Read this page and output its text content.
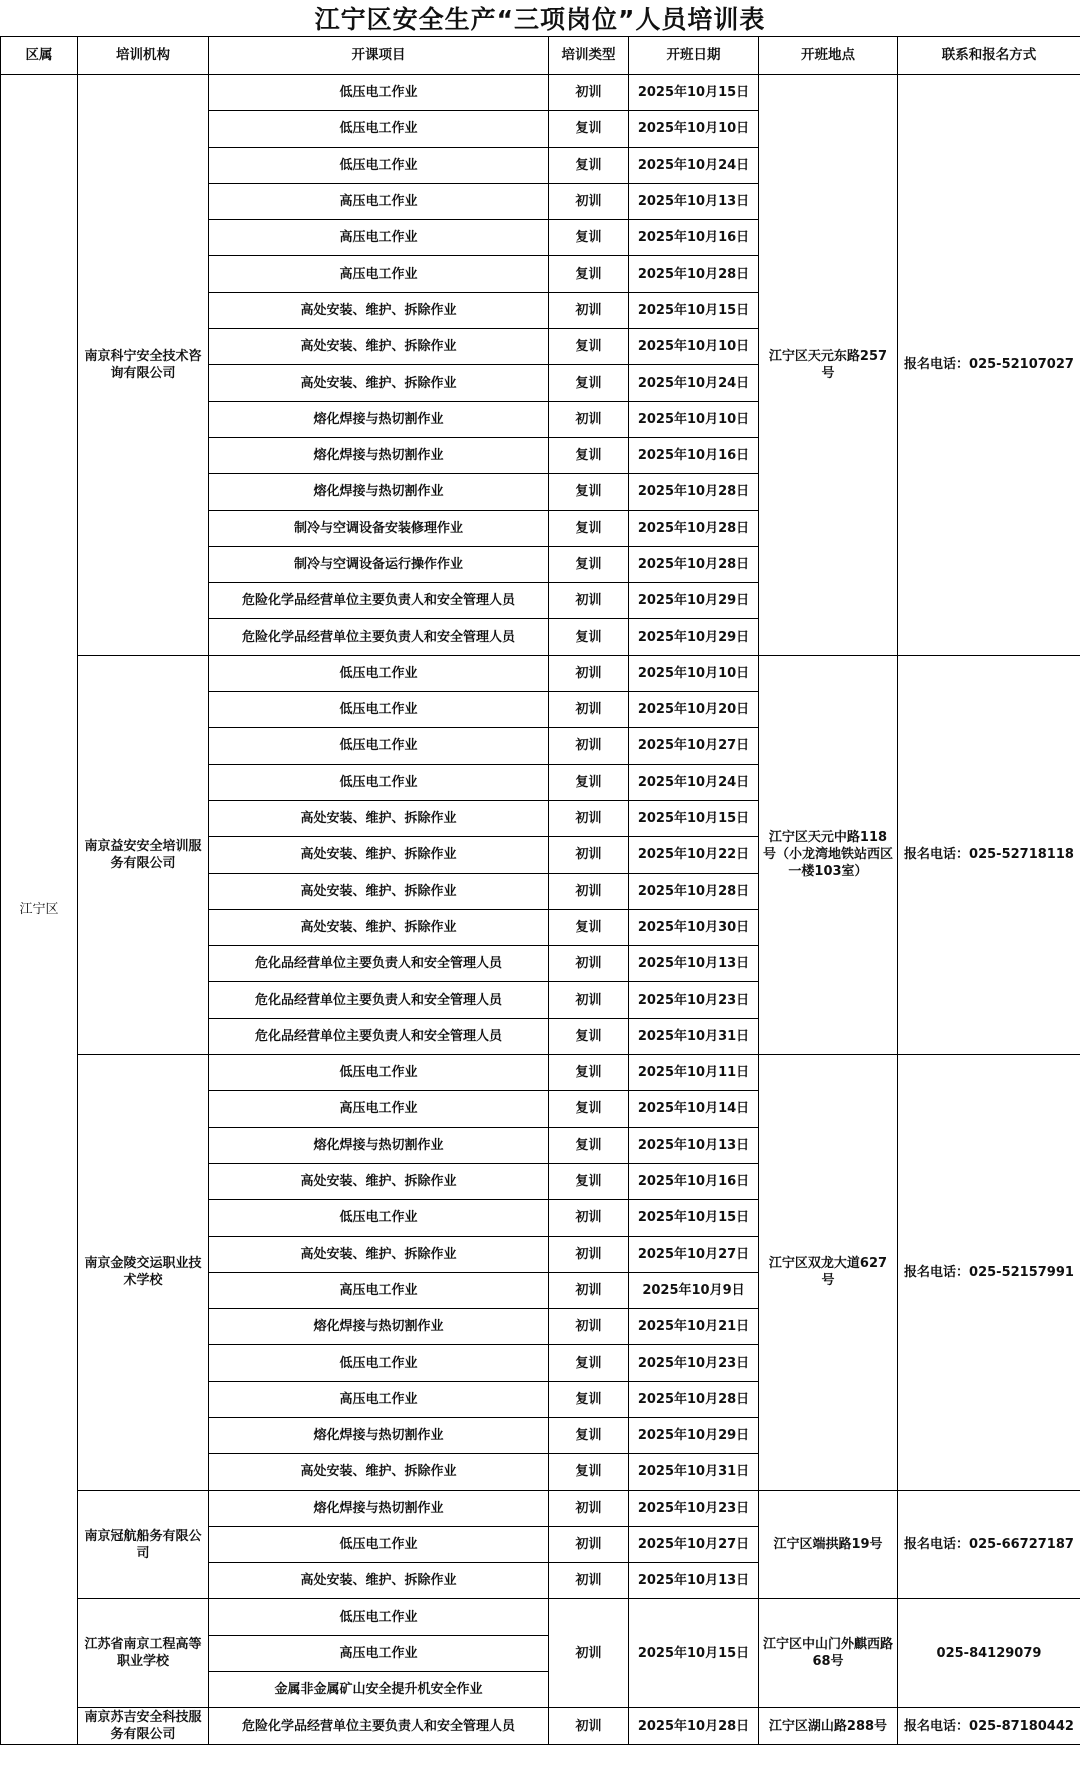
江宁区安全生产“三项岗位”人员培训表
区属	培训机构	开课项目	培训类型	开班日期	开班地点	联系和报名方式
江宁区	南京科宁安全技术咨询有限公司	低压电工作业	初训	2025年10月15日	江宁区天元东路257号	报名电话：025-52107027
		低压电工作业	复训	2025年10月10日		
		低压电工作业	复训	2025年10月24日		
		高压电工作业	初训	2025年10月13日		
		高压电工作业	复训	2025年10月16日		
		高压电工作业	复训	2025年10月28日		
		高处安装、维护、拆除作业	初训	2025年10月15日		
		高处安装、维护、拆除作业	复训	2025年10月10日		
		高处安装、维护、拆除作业	复训	2025年10月24日		
		熔化焊接与热切割作业	初训	2025年10月10日		
		熔化焊接与热切割作业	复训	2025年10月16日		
		熔化焊接与热切割作业	复训	2025年10月28日		
		制冷与空调设备安装修理作业	复训	2025年10月28日		
		制冷与空调设备运行操作作业	复训	2025年10月28日		
		危险化学品经营单位主要负责人和安全管理人员	初训	2025年10月29日		
		危险化学品经营单位主要负责人和安全管理人员	复训	2025年10月29日		
	南京益安安全培训服务有限公司	低压电工作业	初训	2025年10月10日	江宁区天元中路118号（小龙湾地铁站西区一楼103室）	报名电话：025-52718118
		低压电工作业	初训	2025年10月20日		
		低压电工作业	初训	2025年10月27日		
		低压电工作业	复训	2025年10月24日		
		高处安装、维护、拆除作业	初训	2025年10月15日		
		高处安装、维护、拆除作业	初训	2025年10月22日		
		高处安装、维护、拆除作业	初训	2025年10月28日		
		高处安装、维护、拆除作业	复训	2025年10月30日		
		危化品经营单位主要负责人和安全管理人员	初训	2025年10月13日		
		危化品经营单位主要负责人和安全管理人员	初训	2025年10月23日		
		危化品经营单位主要负责人和安全管理人员	复训	2025年10月31日		
	南京金陵交运职业技术学校	低压电工作业	复训	2025年10月11日	江宁区双龙大道627号	报名电话：025-52157991
		高压电工作业	复训	2025年10月14日		
		熔化焊接与热切割作业	复训	2025年10月13日		
		高处安装、维护、拆除作业	复训	2025年10月16日		
		低压电工作业	初训	2025年10月15日		
		高处安装、维护、拆除作业	初训	2025年10月27日		
		高压电工作业	初训	2025年10月9日		
		熔化焊接与热切割作业	初训	2025年10月21日		
		低压电工作业	复训	2025年10月23日		
		高压电工作业	复训	2025年10月28日		
		熔化焊接与热切割作业	复训	2025年10月29日		
		高处安装、维护、拆除作业	复训	2025年10月31日		
	南京冠航船务有限公司	熔化焊接与热切割作业	初训	2025年10月23日	江宁区端拱路19号	报名电话：025-66727187
		低压电工作业	初训	2025年10月27日		
		高处安装、维护、拆除作业	初训	2025年10月13日		
	江苏省南京工程高等职业学校	低压电工作业	初训	2025年10月15日	江宁区中山门外麒西路68号	025-84129079
		高压电工作业				
		金属非金属矿山安全提升机安全作业				
	南京苏吉安全科技服务有限公司	危险化学品经营单位主要负责人和安全管理人员	初训	2025年10月28日	江宁区湖山路288号	报名电话：025-87180442
